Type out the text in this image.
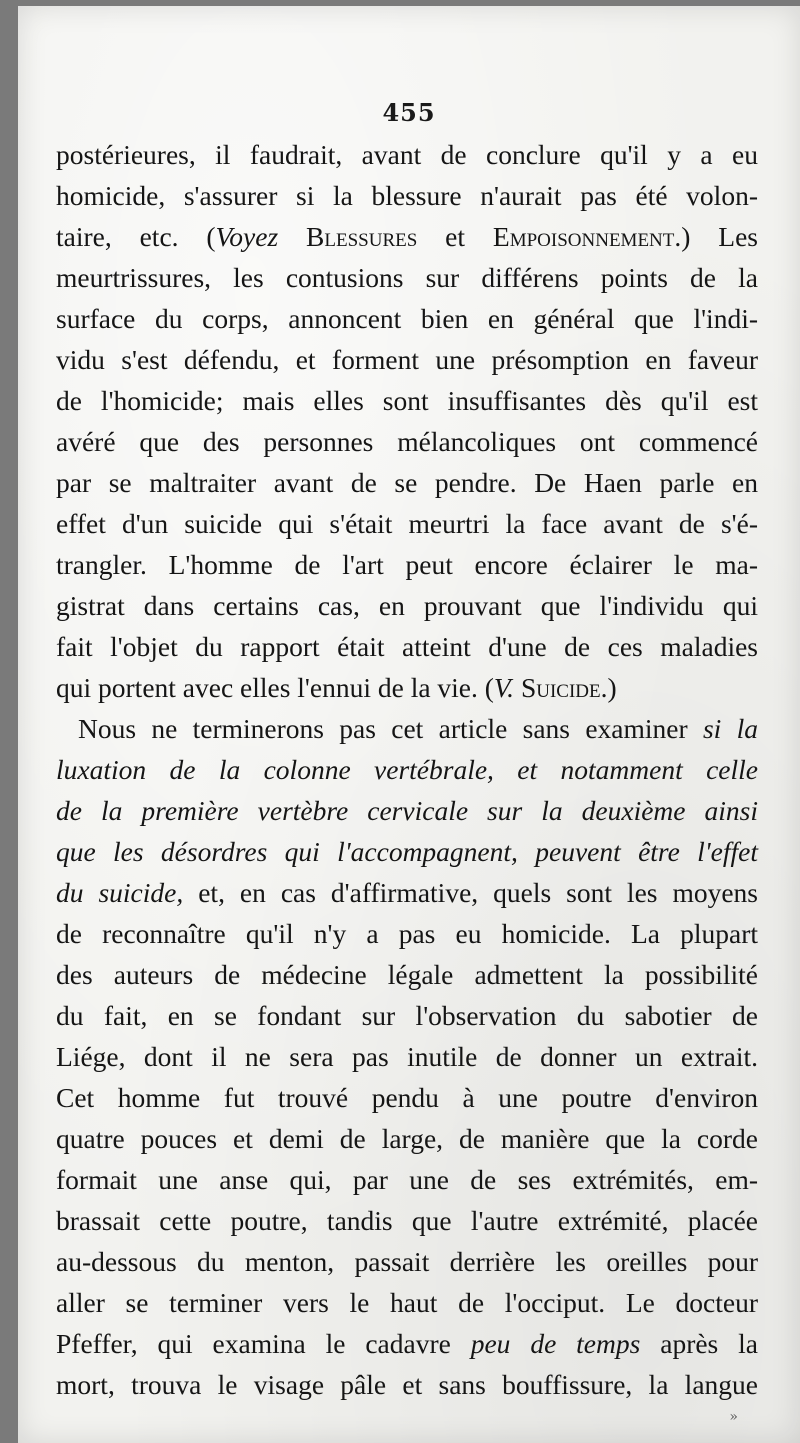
455
postérieures, il faudrait, avant de conclure qu'il y a eu
homicide, s'assurer si la blessure n'aurait pas été volon-
taire, etc. (Voyez Blessures et Empoisonnement.) Les
meurtrissures, les contusions sur différens points de la
surface du corps, annoncent bien en général que l'indi-
vidu s'est défendu, et forment une présomption en faveur
de l'homicide; mais elles sont insuffisantes dès qu'il est
avéré que des personnes mélancoliques ont commencé
par se maltraiter avant de se pendre. De Haen parle en
effet d'un suicide qui s'était meurtri la face avant de s'é-
trangler. L'homme de l'art peut encore éclairer le ma-
gistrat dans certains cas, en prouvant que l'individu qui
fait l'objet du rapport était atteint d'une de ces maladies
qui portent avec elles l'ennui de la vie. (V. Suicide.)
Nous ne terminerons pas cet article sans examiner si la
luxation de la colonne vertébrale, et notamment celle
de la première vertèbre cervicale sur la deuxième ainsi
que les désordres qui l'accompagnent, peuvent être l'effet
du suicide, et, en cas d'affirmative, quels sont les moyens
de reconnaître qu'il n'y a pas eu homicide. La plupart
des auteurs de médecine légale admettent la possibilité
du fait, en se fondant sur l'observation du sabotier de
Liége, dont il ne sera pas inutile de donner un extrait.
Cet homme fut trouvé pendu à une poutre d'environ
quatre pouces et demi de large, de manière que la corde
formait une anse qui, par une de ses extrémités, em-
brassait cette poutre, tandis que l'autre extrémité, placée
au-dessous du menton, passait derrière les oreilles pour
aller se terminer vers le haut de l'occiput. Le docteur
Pfeffer, qui examina le cadavre peu de temps après la
mort, trouva le visage pâle et sans bouffissure, la langue
»
